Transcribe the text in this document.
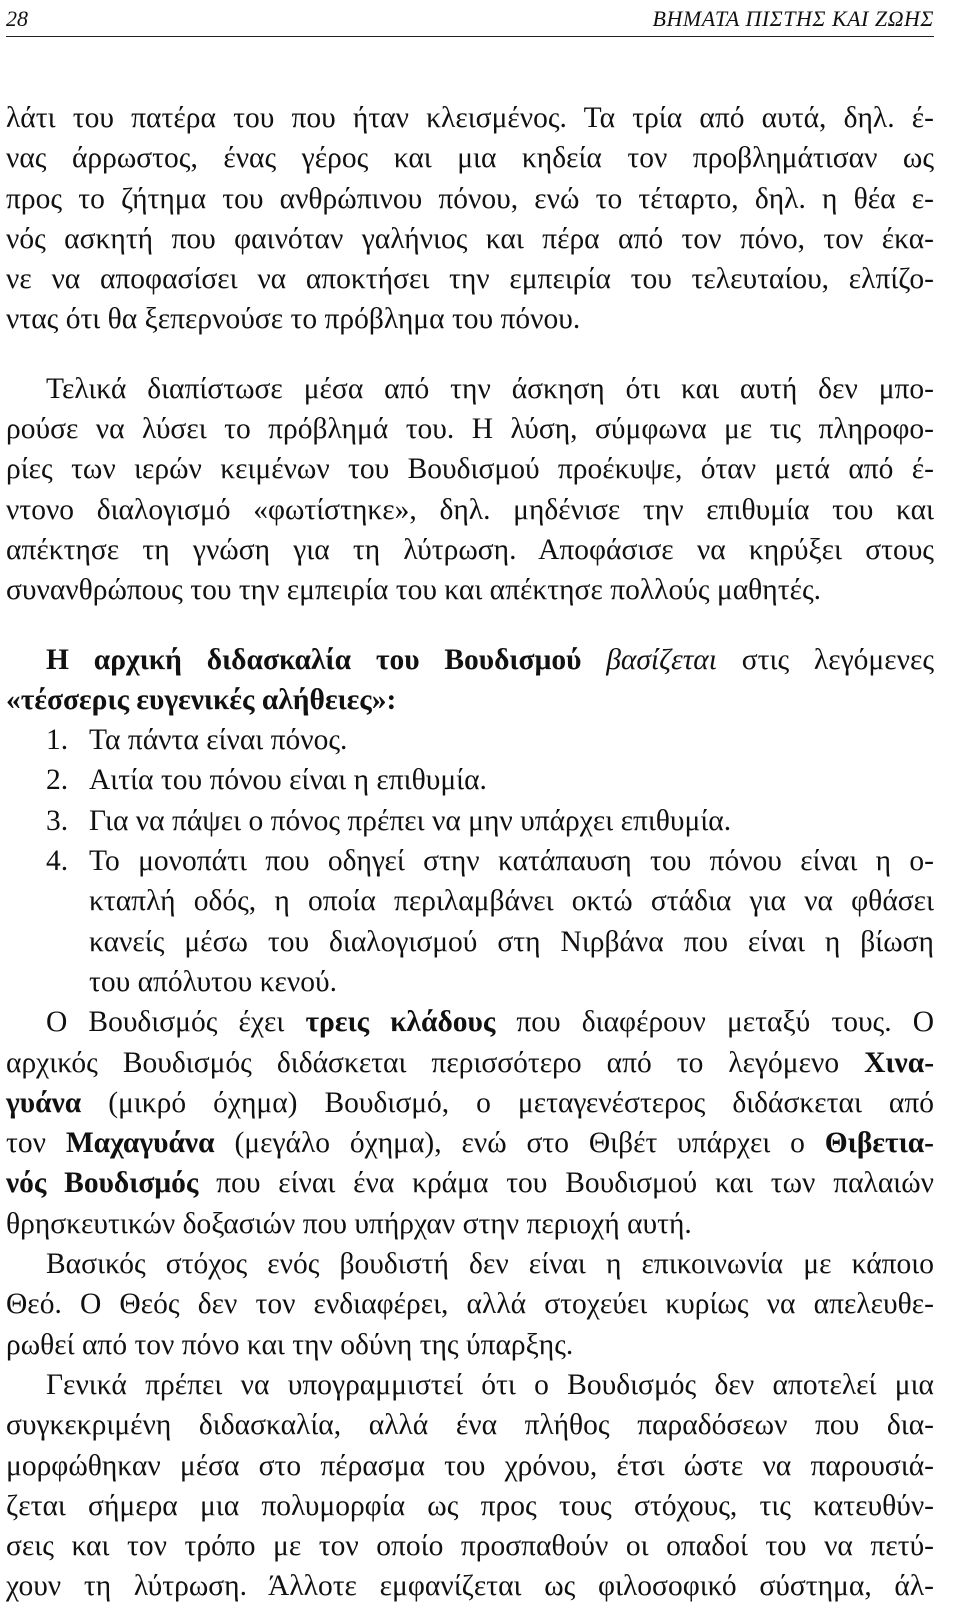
28	ΒΗΜΑΤΑ ΠΙΣΤΗΣ ΚΑΙ ΖΩΗΣ

λάτι του πατέρα του που ήταν κλεισμένος. Τα τρία από αυτά, δηλ. έ-

νας άρρωστος, ένας γέρος και μια κηδεία τον προβλημάτισαν ως

προς το ζήτημα του ανθρώπινου πόνου, ενώ το τέταρτο, δηλ. η θέα ε-

νός ασκητή που φαινόταν γαλήνιος και πέρα από τον πόνο, τον έκα-

νε να αποφασίσει να αποκτήσει την εμπειρία του τελευταίου, ελπίζο-

ντας ότι θα ξεπερνούσε το πρόβλημα του πόνου.

Τελικά διαπίστωσε μέσα από την άσκηση ότι και αυτή δεν μπο-

ρούσε να λύσει το πρόβλημά του. Η λύση, σύμφωνα με τις πληροφο-

ρίες των ιερών κειμένων του Βουδισμού προέκυψε, όταν μετά από έ-

ντονο διαλογισμό «φωτίστηκε», δηλ. μηδένισε την επιθυμία του και

απέκτησε τη γνώση για τη λύτρωση. Αποφάσισε να κηρύξει στους

συνανθρώπους του την εμπειρία του και απέκτησε πολλούς μαθητές.

Η αρχική διδασκαλία του Βουδισμού βασίζεται στις λεγόμενες

«τέσσερις ευγενικές αλήθειες»:

1. Τα πάντα είναι πόνος.

2. Αιτία του πόνου είναι η επιθυμία.

3. Για να πάψει ο πόνος πρέπει να μην υπάρχει επιθυμία.

4. Το μονοπάτι που οδηγεί στην κατάπαυση του πόνου είναι η ο-

κταπλή οδός, η οποία περιλαμβάνει οκτώ στάδια για να φθάσει

κανείς μέσω του διαλογισμού στη Νιρβάνα που είναι η βίωση

του απόλυτου κενού.

Ο Βουδισμός έχει τρεις κλάδους που διαφέρουν μεταξύ τους. Ο

αρχικός Βουδισμός διδάσκεται περισσότερο από το λεγόμενο Χινα-

γυάνα (μικρό όχημα) Βουδισμό, ο μεταγενέστερος διδάσκεται από

τον Μαχαγυάνα (μεγάλο όχημα), ενώ στο Θιβέτ υπάρχει ο Θιβετια-

νός Βουδισμός που είναι ένα κράμα του Βουδισμού και των παλαιών

θρησκευτικών δοξασιών που υπήρχαν στην περιοχή αυτή.

Βασικός στόχος ενός βουδιστή δεν είναι η επικοινωνία με κάποιο

Θεό. Ο Θεός δεν τον ενδιαφέρει, αλλά στοχεύει κυρίως να απελευθε-

ρωθεί από τον πόνο και την οδύνη της ύπαρξης.

Γενικά πρέπει να υπογραμμιστεί ότι ο Βουδισμός δεν αποτελεί μια

συγκεκριμένη διδασκαλία, αλλά ένα πλήθος παραδόσεων που δια-

μορφώθηκαν μέσα στο πέρασμα του χρόνου, έτσι ώστε να παρουσιά-

ζεται σήμερα μια πολυμορφία ως προς τους στόχους, τις κατευθύν-

σεις και τον τρόπο με τον οποίο προσπαθούν οι οπαδοί του να πετύ-

χουν τη λύτρωση. Άλλοτε εμφανίζεται ως φιλοσοφικό σύστημα, άλ-
